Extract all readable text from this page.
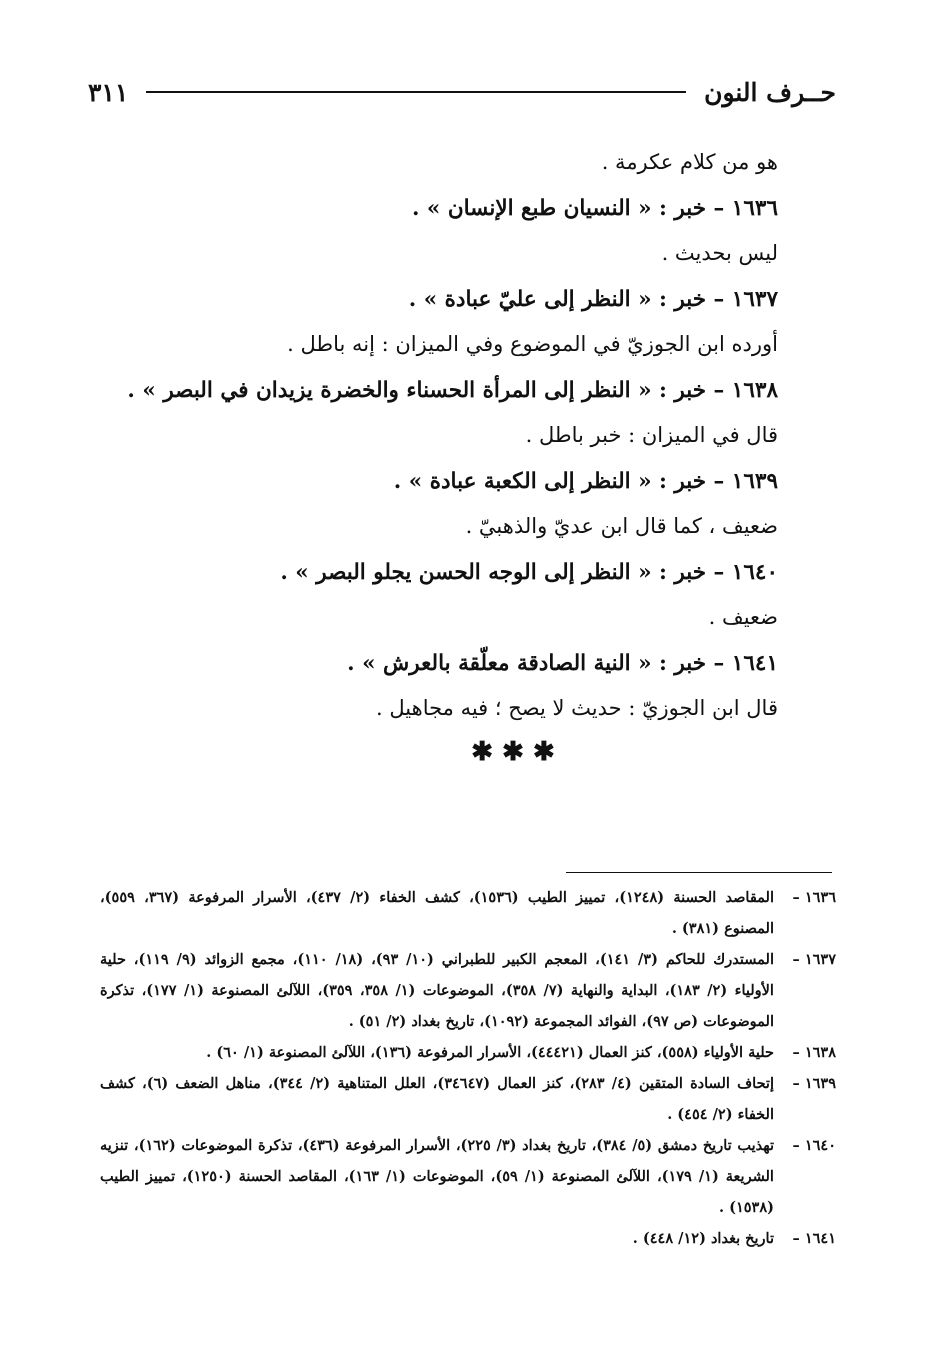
حــرف النون
٣١١
هو من كلام عكرمة .
١٦٣٦ – خبر : « النسيان طبع الإنسان » .
ليس بحديث .
١٦٣٧ – خبر : « النظر إلى عليّ عبادة » .
أورده ابن الجوزيّ في الموضوع وفي الميزان : إنه باطل .
١٦٣٨ – خبر : « النظر إلى المرأة الحسناء والخضرة يزيدان في البصر » .
قال في الميزان : خبر باطل .
١٦٣٩ – خبر : « النظر إلى الكعبة عبادة » .
ضعيف ، كما قال ابن عديّ والذهبيّ .
١٦٤٠ – خبر : « النظر إلى الوجه الحسن يجلو البصر » .
ضعيف .
١٦٤١ – خبر : « النية الصادقة معلّقة بالعرش » .
قال ابن الجوزيّ : حديث لا يصح ؛ فيه مجاهيل .
✱ ✱ ✱
١٦٣٦ –
المقاصد الحسنة (١٢٤٨)، تمييز الطيب (١٥٣٦)، كشف الخفاء (٢/ ٤٣٧)، الأسرار المرفوعة (٣٦٧، ٥٥٩)، المصنوع (٣٨١) .
١٦٣٧ –
المستدرك للحاكم (٣/ ١٤١)، المعجم الكبير للطبراني (١٠/ ٩٣)، (١٨/ ١١٠)، مجمع الزوائد (٩/ ١١٩)، حلية الأولياء (٢/ ١٨٣)، البداية والنهاية (٧/ ٣٥٨)، الموضوعات (١/ ٣٥٨، ٣٥٩)، اللآلئ المصنوعة (١/ ١٧٧)، تذكرة الموضوعات (ص ٩٧)، الفوائد المجموعة (١٠٩٢)، تاريخ بغداد (٢/ ٥١) .
١٦٣٨ –
حلية الأولياء (٥٥٨)، كنز العمال (٤٤٤٢١)، الأسرار المرفوعة (١٣٦)، اللآلئ المصنوعة (١/ ٦٠) .
١٦٣٩ –
إتحاف السادة المتقين (٤/ ٢٨٣)، كنز العمال (٣٤٦٤٧)، العلل المتناهية (٢/ ٣٤٤)، مناهل الضعف (٦)، كشف الخفاء (٢/ ٤٥٤) .
١٦٤٠ –
تهذيب تاريخ دمشق (٥/ ٣٨٤)، تاريخ بغداد (٣/ ٢٢٥)، الأسرار المرفوعة (٤٣٦)، تذكرة الموضوعات (١٦٢)، تنزيه الشريعة (١/ ١٧٩)، اللآلئ المصنوعة (١/ ٥٩)، الموضوعات (١/ ١٦٣)، المقاصد الحسنة (١٢٥٠)، تمييز الطيب (١٥٣٨) .
١٦٤١ –
تاريخ بغداد (١٢/ ٤٤٨) .
